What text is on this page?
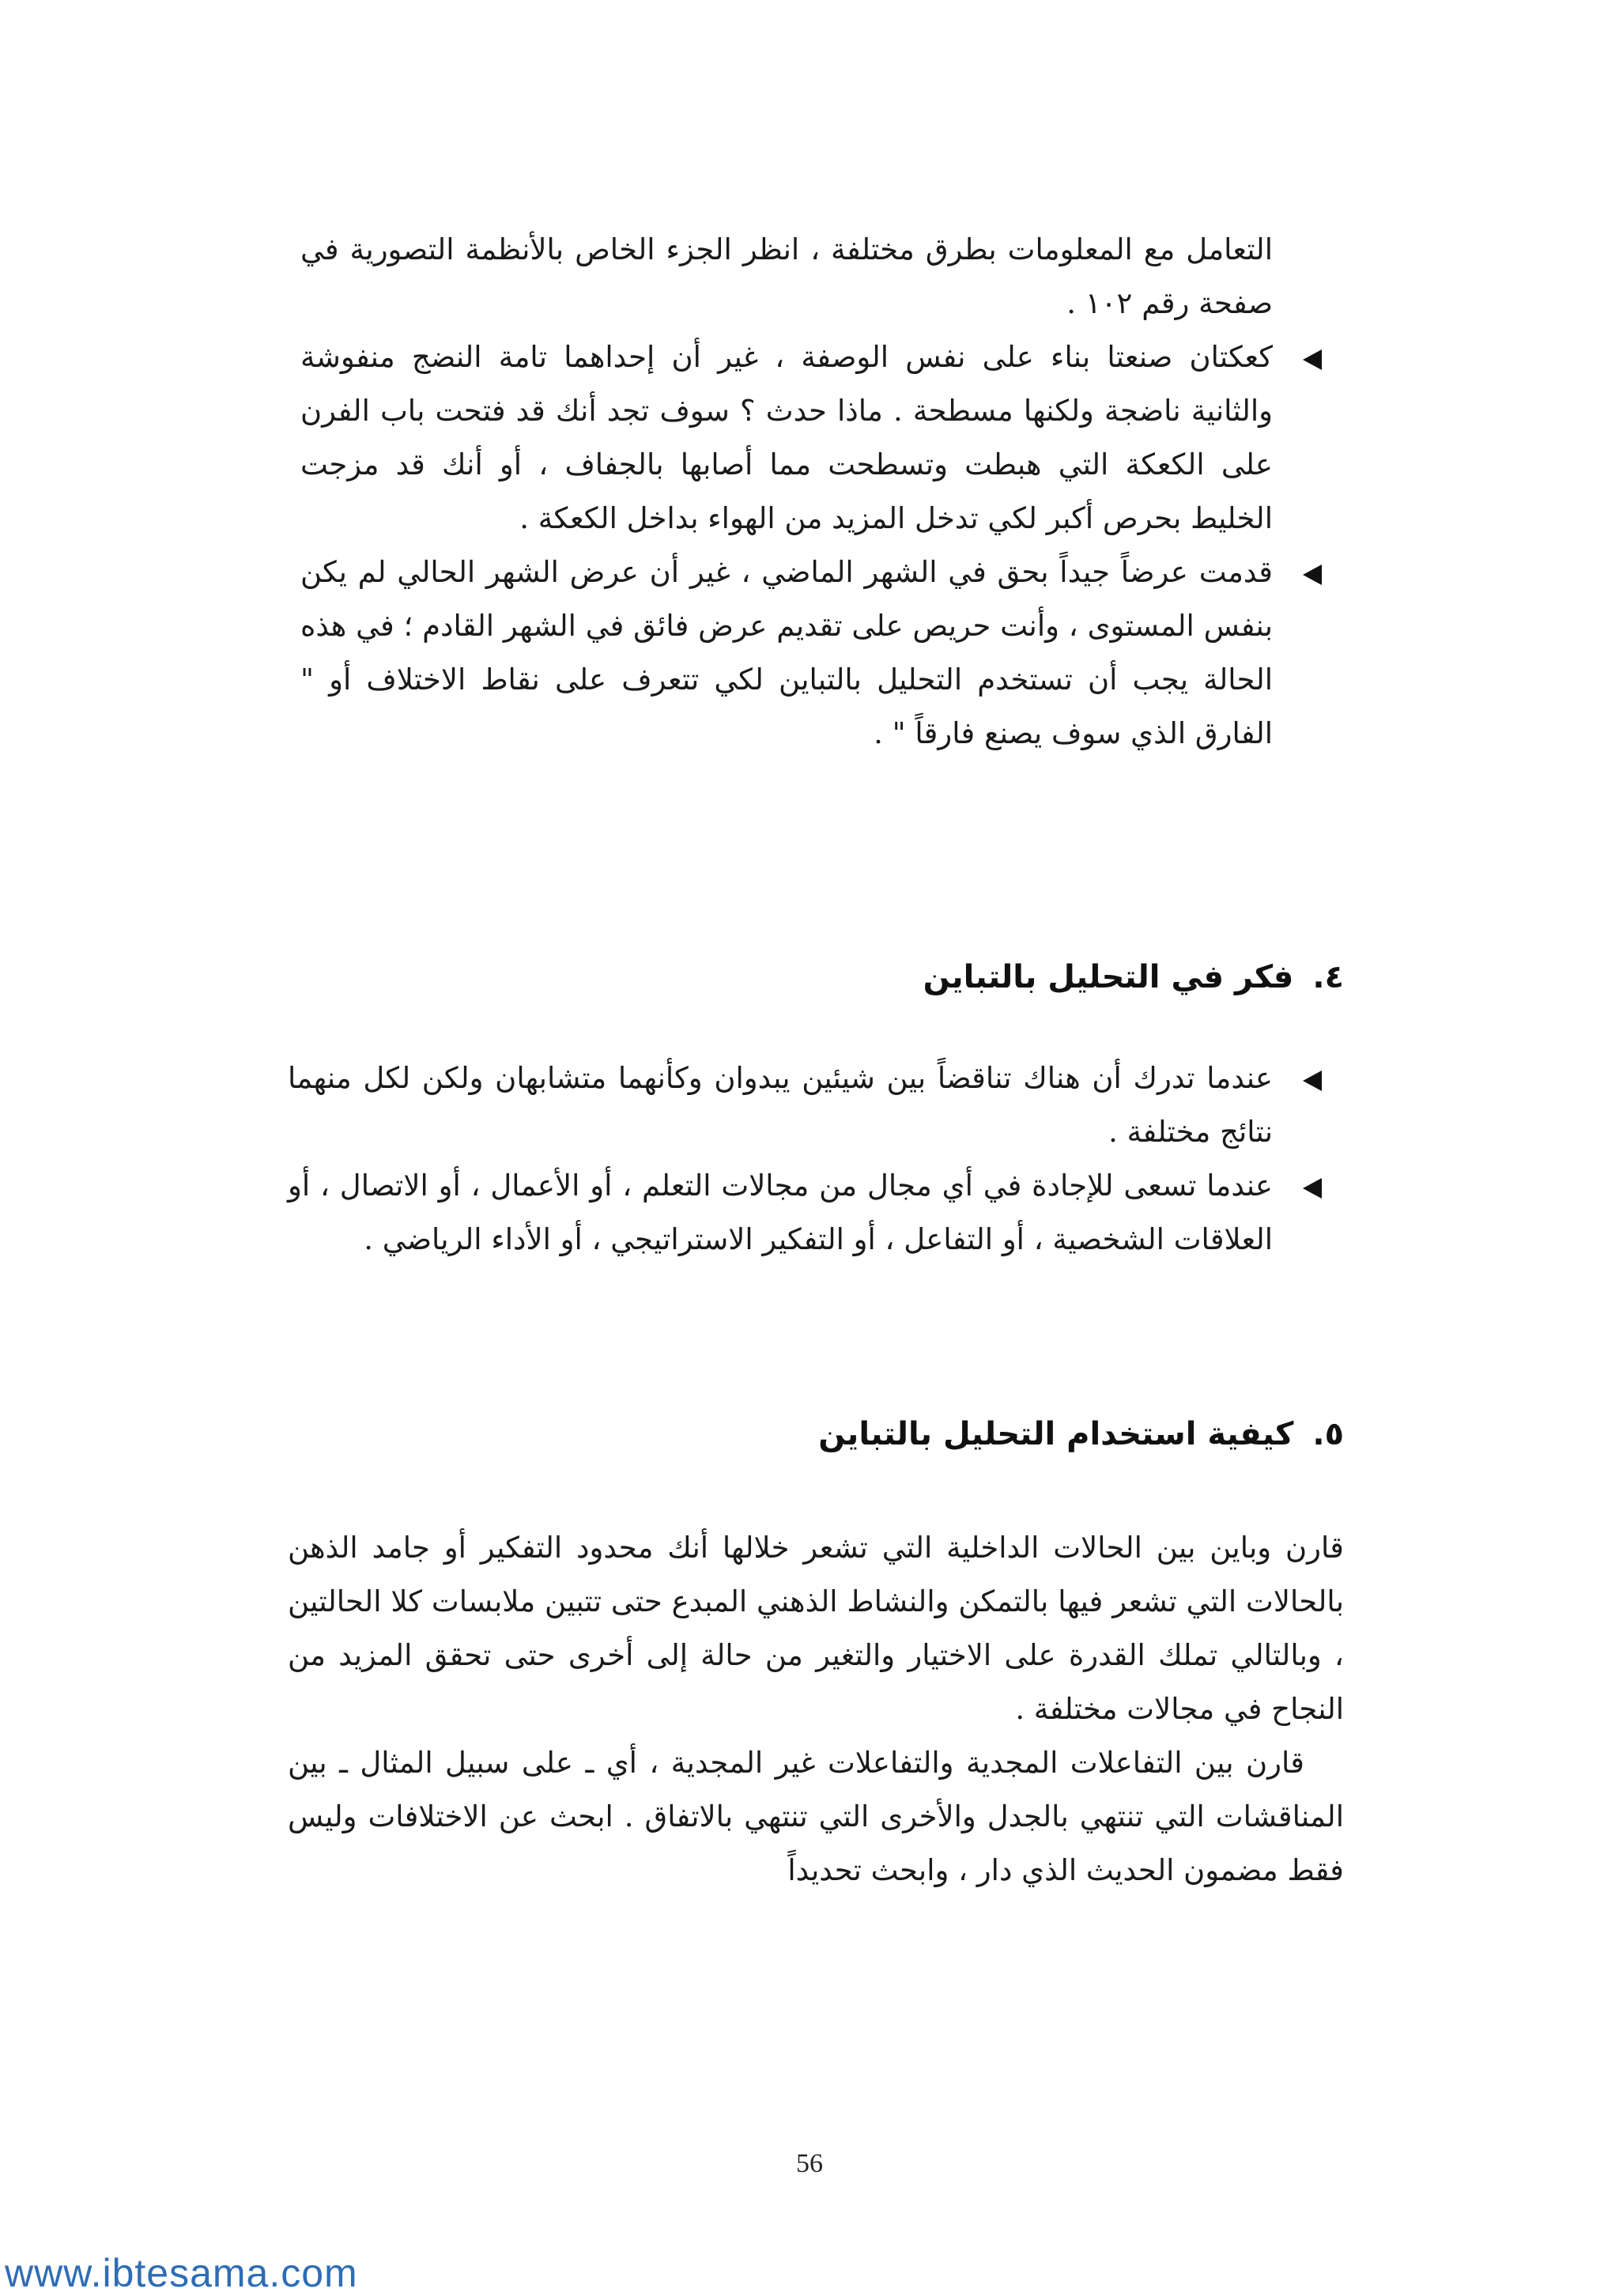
التعامل مع المعلومات بطرق مختلفة ، انظر الجزء الخاص بالأنظمة التصورية في صفحة رقم ١٠٢ .

كعكتان صنعتا بناء على نفس الوصفة ، غير أن إحداهما تامة النضج منفوشة والثانية ناضجة ولكنها مسطحة . ماذا حدث ؟ سوف تجد أنك قد فتحت باب الفرن على الكعكة التي هبطت وتسطحت مما أصابها بالجفاف ، أو أنك قد مزجت الخليط بحرص أكبر لكي تدخل المزيد من الهواء بداخل الكعكة .
قدمت عرضاً جيداً بحق في الشهر الماضي ، غير أن عرض الشهر الحالي لم يكن بنفس المستوى ، وأنت حريص على تقديم عرض فائق في الشهر القادم ؛ في هذه الحالة يجب أن تستخدم التحليل بالتباين لكي تتعرف على نقاط الاختلاف أو " الفارق الذي سوف يصنع فارقاً " .
٤.فكر في التحليل بالتباين
عندما تدرك أن هناك تناقضاً بين شيئين يبدوان وكأنهما متشابهان ولكن لكل منهما نتائج مختلفة .
عندما تسعى للإجادة في أي مجال من مجالات التعلم ، أو الأعمال ، أو الاتصال ، أو العلاقات الشخصية ، أو التفاعل ، أو التفكير الاستراتيجي ، أو الأداء الرياضي .
٥.كيفية استخدام التحليل بالتباين

قارن وباين بين الحالات الداخلية التي تشعر خلالها أنك محدود التفكير أو جامد الذهن بالحالات التي تشعر فيها بالتمكن والنشاط الذهني المبدع حتى تتبين ملابسات كلا الحالتين ، وبالتالي تملك القدرة على الاختيار والتغير من حالة إلى أخرى حتى تحقق المزيد من النجاح في مجالات مختلفة .

قارن بين التفاعلات المجدية والتفاعلات غير المجدية ، أي ـ على سبيل المثال ـ بين المناقشات التي تنتهي بالجدل والأخرى التي تنتهي بالاتفاق . ابحث عن الاختلافات وليس فقط مضمون الحديث الذي دار ، وابحث تحديداً

56
www.ibtesama.com
